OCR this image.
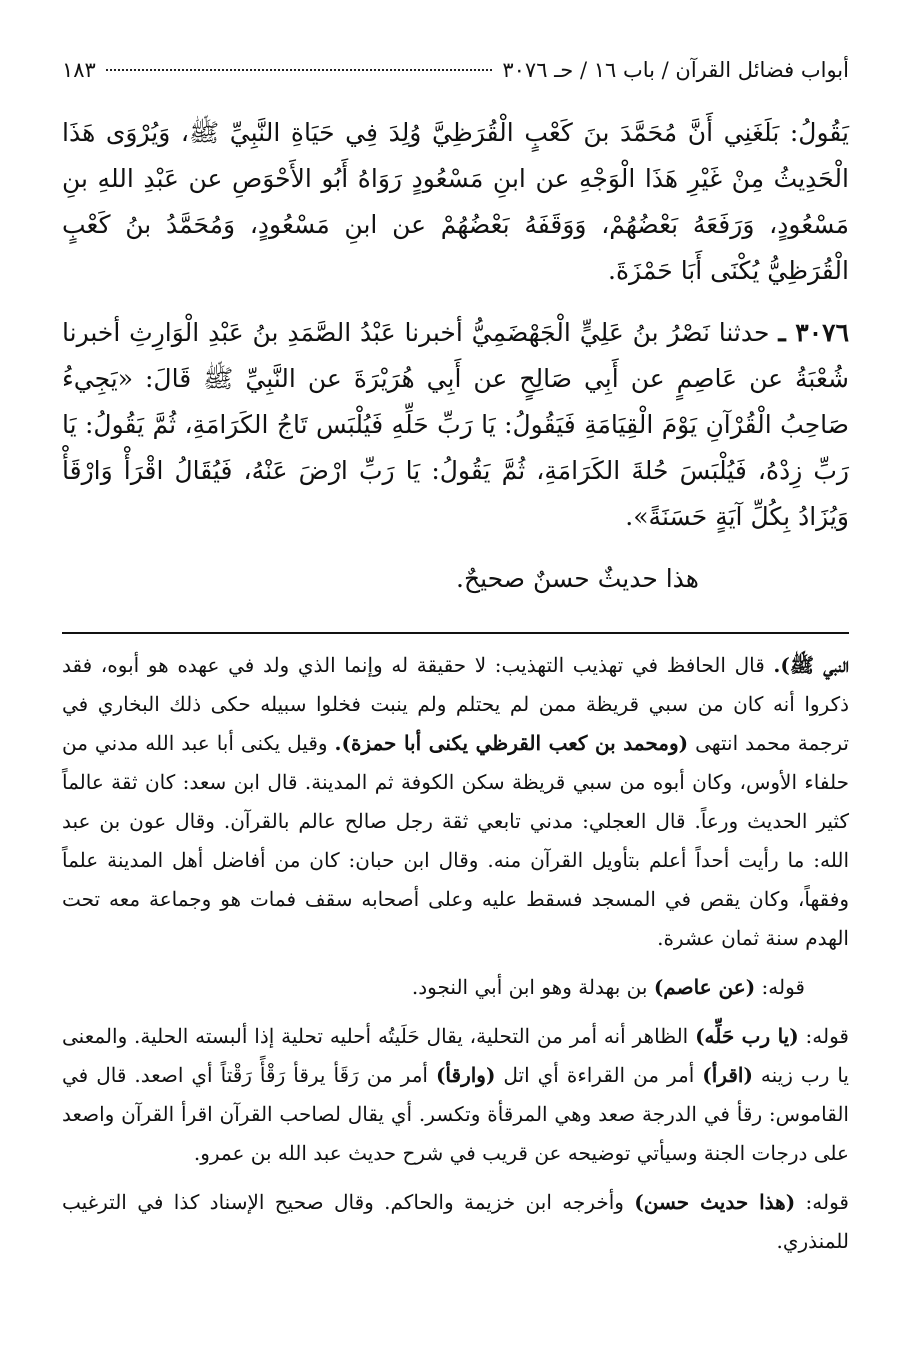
أبواب فضائل القرآن / باب ١٦ / حـ ٣٠٧٦
١٨٣

يَقُولُ: بَلَغَنِي أَنَّ مُحَمَّدَ بنَ كَعْبٍ الْقُرَظِيَّ وُلِدَ فِي حَيَاةِ النَّبِيِّ ﷺ، وَيُرْوَى هَذَا الْحَدِيثُ مِنْ غَيْرِ هَذَا الْوَجْهِ عن ابنِ مَسْعُودٍ رَوَاهُ أَبُو الأَحْوَصِ عن عَبْدِ اللهِ بنِ مَسْعُودٍ، وَرَفَعَهُ بَعْضُهُمْ، وَوَقَفَهُ بَعْضُهُمْ عن ابنِ مَسْعُودٍ، وَمُحَمَّدُ بنُ كَعْبٍ الْقُرَظِيُّ يُكْنَى أَبَا حَمْزَةَ.

٣٠٧٦ ـ حدثنا نَصْرُ بنُ عَلِيٍّ الْجَهْضَمِيُّ أخبرنا عَبْدُ الصَّمَدِ بنُ عَبْدِ الْوَارِثِ أخبرنا شُعْبَةُ عن عَاصِمٍ عن أَبِي صَالِحٍ عن أَبِي هُرَيْرَةَ عن النَّبِيِّ ﷺ قَالَ: «يَجِيءُ صَاحِبُ الْقُرْآنِ يَوْمَ الْقِيَامَةِ فَيَقُولُ: يَا رَبِّ حَلِّهِ فَيُلْبَس تَاجُ الكَرَامَةِ، ثُمَّ يَقُولُ: يَا رَبِّ زِدْهُ، فَيُلْبَسَ حُلةَ الكَرَامَةِ، ثُمَّ يَقُولُ: يَا رَبِّ ارْضَ عَنْهُ، فَيُقَالُ اقْرَأْ وَارْقَأْ وَيُزَادُ بِكُلِّ آيَةٍ حَسَنَةً».

هذا حديثٌ حسنٌ صحيحٌ.

النبي ﷺ). قال الحافظ في تهذيب التهذيب: لا حقيقة له وإنما الذي ولد في عهده هو أبوه، فقد ذكروا أنه كان من سبي قريظة ممن لم يحتلم ولم ينبت فخلوا سبيله حكى ذلك البخاري في ترجمة محمد انتهى (ومحمد بن كعب القرظي يكنى أبا حمزة). وقيل يكنى أبا عبد الله مدني من حلفاء الأوس، وكان أبوه من سبي قريظة سكن الكوفة ثم المدينة. قال ابن سعد: كان ثقة عالماً كثير الحديث ورعاً. قال العجلي: مدني تابعي ثقة رجل صالح عالم بالقرآن. وقال عون بن عبد الله: ما رأيت أحداً أعلم بتأويل القرآن منه. وقال ابن حبان: كان من أفاضل أهل المدينة علماً وفقهاً، وكان يقص في المسجد فسقط عليه وعلى أصحابه سقف فمات هو وجماعة معه تحت الهدم سنة ثمان عشرة.

قوله: (عن عاصم) بن بهدلة وهو ابن أبي النجود.

قوله: (يا رب حَلِّه) الظاهر أنه أمر من التحلية، يقال حَلَيتُه أحليه تحلية إذا ألبسته الحلية. والمعنى يا رب زينه (اقرأ) أمر من القراءة أي اتل (وارقأ) أمر من رَقَأ يرقأ رَقْأً رَقْتاً أي اصعد. قال في القاموس: رقأ في الدرجة صعد وهي المرقأة وتكسر. أي يقال لصاحب القرآن اقرأ القرآن واصعد على درجات الجنة وسيأتي توضيحه عن قريب في شرح حديث عبد الله بن عمرو.

قوله: (هذا حديث حسن) وأخرجه ابن خزيمة والحاكم. وقال صحيح الإسناد كذا في الترغيب للمنذري.
